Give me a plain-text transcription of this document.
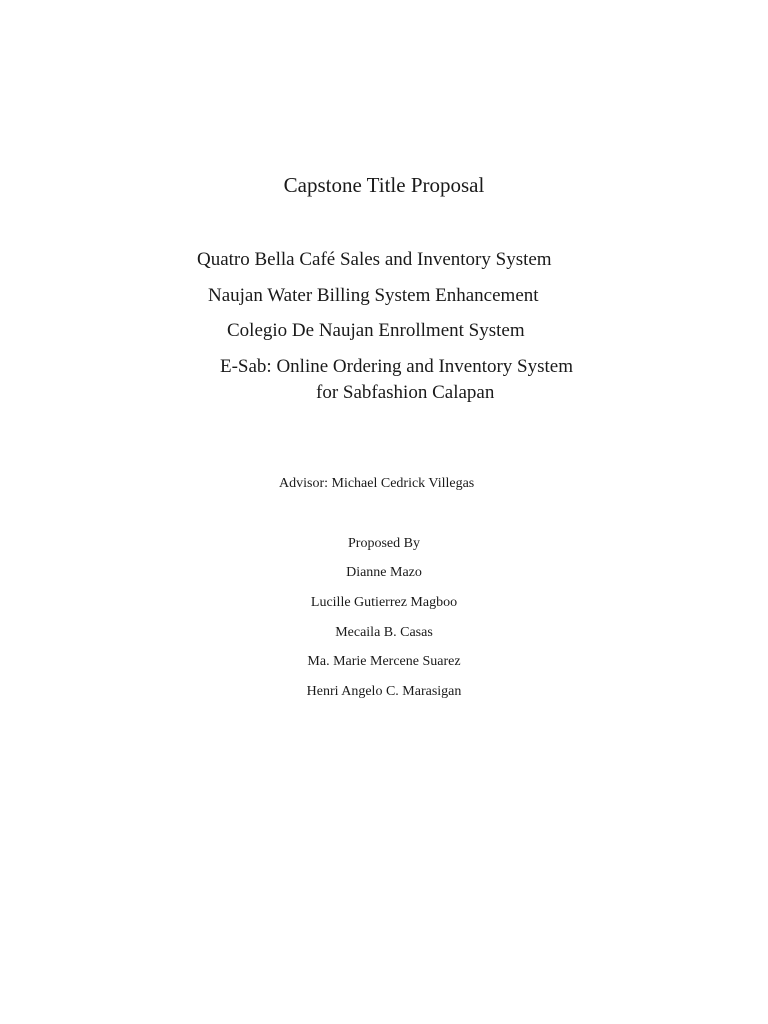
Capstone Title Proposal

Quatro Bella Café Sales and Inventory System

Naujan Water Billing System Enhancement

Colegio De Naujan Enrollment System

E-Sab: Online Ordering and Inventory System

for Sabfashion Calapan

Advisor: Michael Cedrick Villegas

Proposed By

Dianne Mazo

Lucille Gutierrez Magboo

Mecaila B. Casas

Ma. Marie Mercene Suarez

Henri Angelo C. Marasigan
